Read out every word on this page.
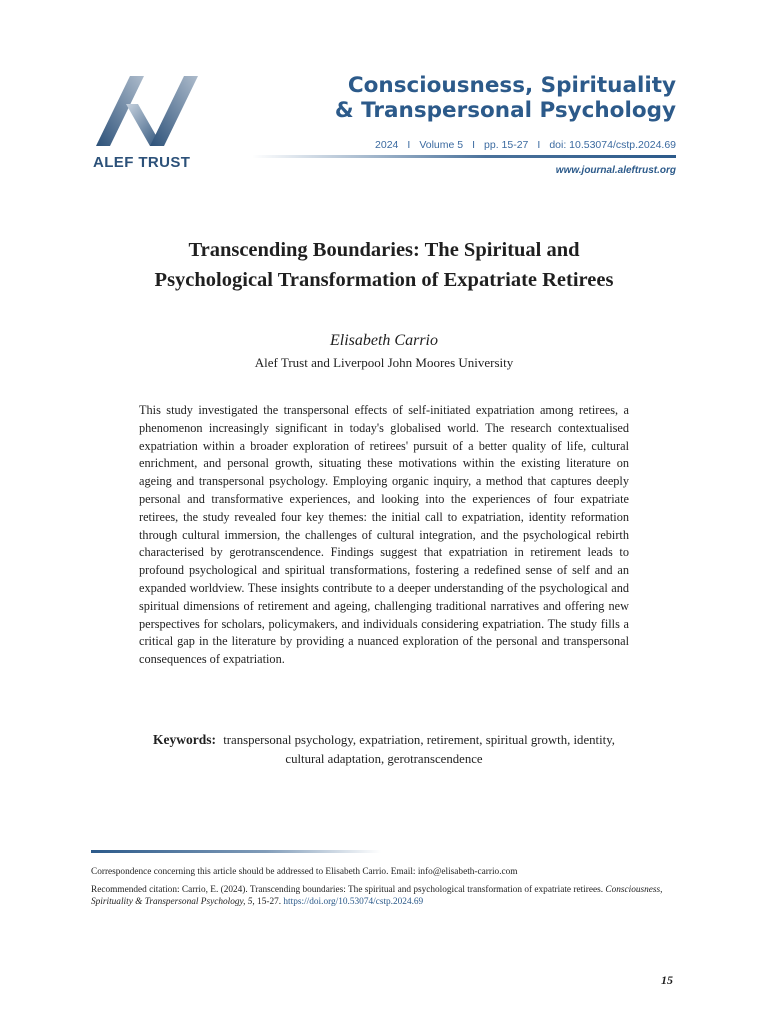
ALEF TRUST
Consciousness, Spirituality
& Transpersonal Psychology
2024 I Volume 5 I pp. 15-27 I doi: 10.53074/cstp.2024.69
www.journal.aleftrust.org
Transcending Boundaries: The Spiritual and
Psychological Transformation of Expatriate Retirees
Elisabeth Carrio
Alef Trust and Liverpool John Moores University

This study investigated the transpersonal effects of self-initiated expatriation among retirees, a phenomenon increasingly significant in today's globalised world. The research contextualised expatriation within a broader exploration of retirees' pursuit of a better quality of life, cultural enrichment, and personal growth, situating these motivations within the existing literature on ageing and transpersonal psychology. Employing organic inquiry, a method that captures deeply personal and transformative experiences, and looking into the experiences of four expatriate retirees, the study revealed four key themes: the initial call to expatriation, identity reformation through cultural immersion, the challenges of cultural integration, and the psychological rebirth characterised by gerotranscendence. Findings suggest that expatriation in retirement leads to profound psychological and spiritual transformations, fostering a redefined sense of self and an expanded worldview. These insights contribute to a deeper understanding of the psychological and spiritual dimensions of retirement and ageing, challenging traditional narratives and offering new perspectives for scholars, policymakers, and individuals considering expatriation. The study fills a critical gap in the literature by providing a nuanced exploration of the personal and transpersonal consequences of expatriation.

Keywords: transpersonal psychology, expatriation, retirement, spiritual growth, identity, cultural adaptation, gerotranscendence
Correspondence concerning this article should be addressed to Elisabeth Carrio. Email: info@elisabeth-carrio.com
Recommended citation: Carrio, E. (2024). Transcending boundaries: The spiritual and psychological transformation of expatriate retirees. Consciousness, Spirituality & Transpersonal Psychology, 5, 15-27. https://doi.org/10.53074/cstp.2024.69
15
